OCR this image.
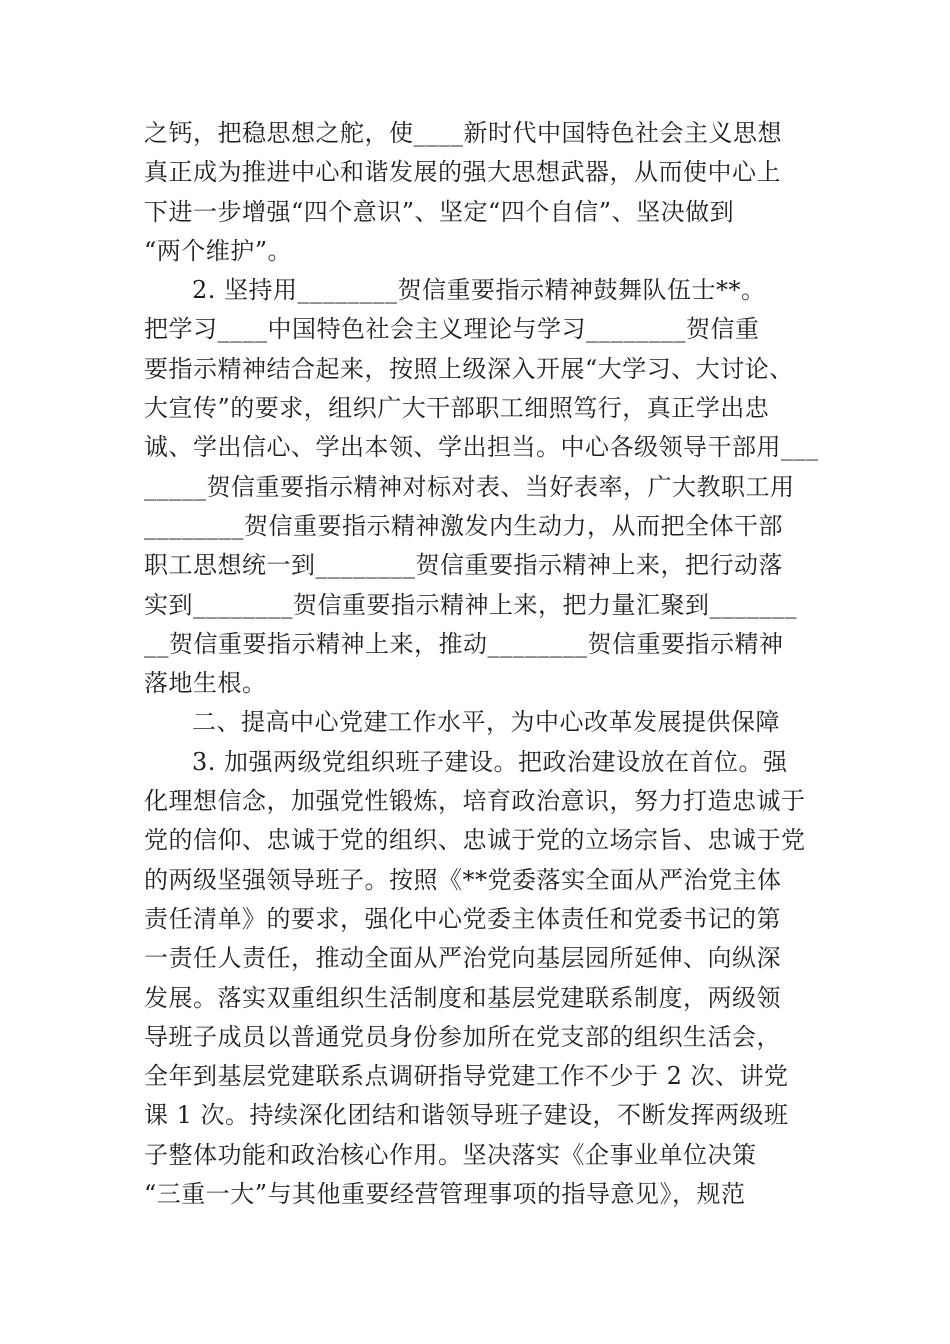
之钙，把稳思想之舵，使____新时代中国特色社会主义思想
真正成为推进中心和谐发展的强大思想武器，从而使中心上
下进一步增强“四个意识”、坚定“四个自信”、坚决做到
“两个维护”。
2. 坚持用________贺信重要指示精神鼓舞队伍士**。
把学习____中国特色社会主义理论与学习________贺信重
要指示精神结合起来，按照上级深入开展“大学习、大讨论、
大宣传”的要求，组织广大干部职工细照笃行，真正学出忠
诚、学出信心、学出本领、学出担当。中心各级领导干部用___
_____贺信重要指示精神对标对表、当好表率，广大教职工用
________贺信重要指示精神激发内生动力，从而把全体干部
职工思想统一到________贺信重要指示精神上来，把行动落
实到________贺信重要指示精神上来，把力量汇聚到_______
__贺信重要指示精神上来，推动________贺信重要指示精神
落地生根。
二、提高中心党建工作水平，为中心改革发展提供保障
3. 加强两级党组织班子建设。把政治建设放在首位。强
化理想信念，加强党性锻炼，培育政治意识，努力打造忠诚于
党的信仰、忠诚于党的组织、忠诚于党的立场宗旨、忠诚于党
的两级坚强领导班子。按照《**党委落实全面从严治党主体
责任清单》的要求，强化中心党委主体责任和党委书记的第
一责任人责任，推动全面从严治党向基层园所延伸、向纵深
发展。落实双重组织生活制度和基层党建联系制度，两级领
导班子成员以普通党员身份参加所在党支部的组织生活会，
全年到基层党建联系点调研指导党建工作不少于 2 次、讲党
课 1 次。持续深化团结和谐领导班子建设，不断发挥两级班
子整体功能和政治核心作用。坚决落实《企事业单位决策
“三重一大”与其他重要经营管理事项的指导意见》，规范
